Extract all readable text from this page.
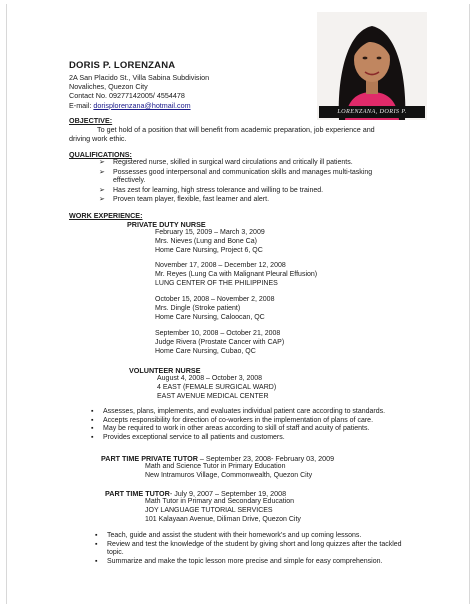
DORIS P. LORENZANA
2A San Placido St., Villa Sabina Subdivision
Novaliches, Quezon City
Contact No. 09277142005/ 4554478
E-mail: dorisplorenzana@hotmail.com
LORENZANA, DORIS P.
OBJECTIVE:
To get hold of a position that will benefit from academic preparation, job experience and
driving work ethic.
QUALIFICATIONS:
➢ Registered nurse, skilled in surgical ward circulations and critically ill patients.
➢ Possesses good interpersonal and communication skills and manages multi-tasking effectively.
➢ Has zest for learning, high stress tolerance and willing to be trained.
➢ Proven team player, flexible, fast learner and alert.
WORK EXPERIENCE:
PRIVATE DUTY NURSE
February 15, 2009 – March 3, 2009
Mrs. Nieves (Lung and Bone Ca)
Home Care Nursing, Project 6, QC
November 17, 2008 – December 12, 2008
Mr. Reyes (Lung Ca with Malignant Pleural Effusion)
LUNG CENTER OF THE PHILIPPINES
October 15, 2008 – November 2, 2008
Mrs. Dingle (Stroke patient)
Home Care Nursing, Caloocan, QC
September 10, 2008 – October 21, 2008
Judge Rivera (Prostate Cancer with CAP)
Home Care Nursing, Cubao, QC
VOLUNTEER NURSE
August 4, 2008 – October 3, 2008
4 EAST (FEMALE SURGICAL WARD)
EAST AVENUE MEDICAL CENTER
▪ Assesses, plans, implements, and evaluates individual patient care according to standards.
▪ Accepts responsibility for direction of co-workers in the implementation of plans of care.
▪ May be required to work in other areas according to skill of staff and acuity of patients.
▪ Provides exceptional service to all patients and customers.
PART TIME PRIVATE TUTOR – September 23, 2008- February 03, 2009
Math and Science Tutor in Primary Education
New Intramuros Village, Commonwealth, Quezon City
PART TIME TUTOR- July 9, 2007 – September 19, 2008
Math Tutor in Primary and Secondary Education
JOY LANGUAGE TUTORIAL SERVICES
101 Kalayaan Avenue, Diliman Drive, Quezon City
▪ Teach, guide and assist the student with their homework’s and up coming lessons.
▪ Review and test the knowledge of the student by giving short and long quizzes after the tackled topic.
▪ Summarize and make the topic lesson more precise and simple for easy comprehension.
